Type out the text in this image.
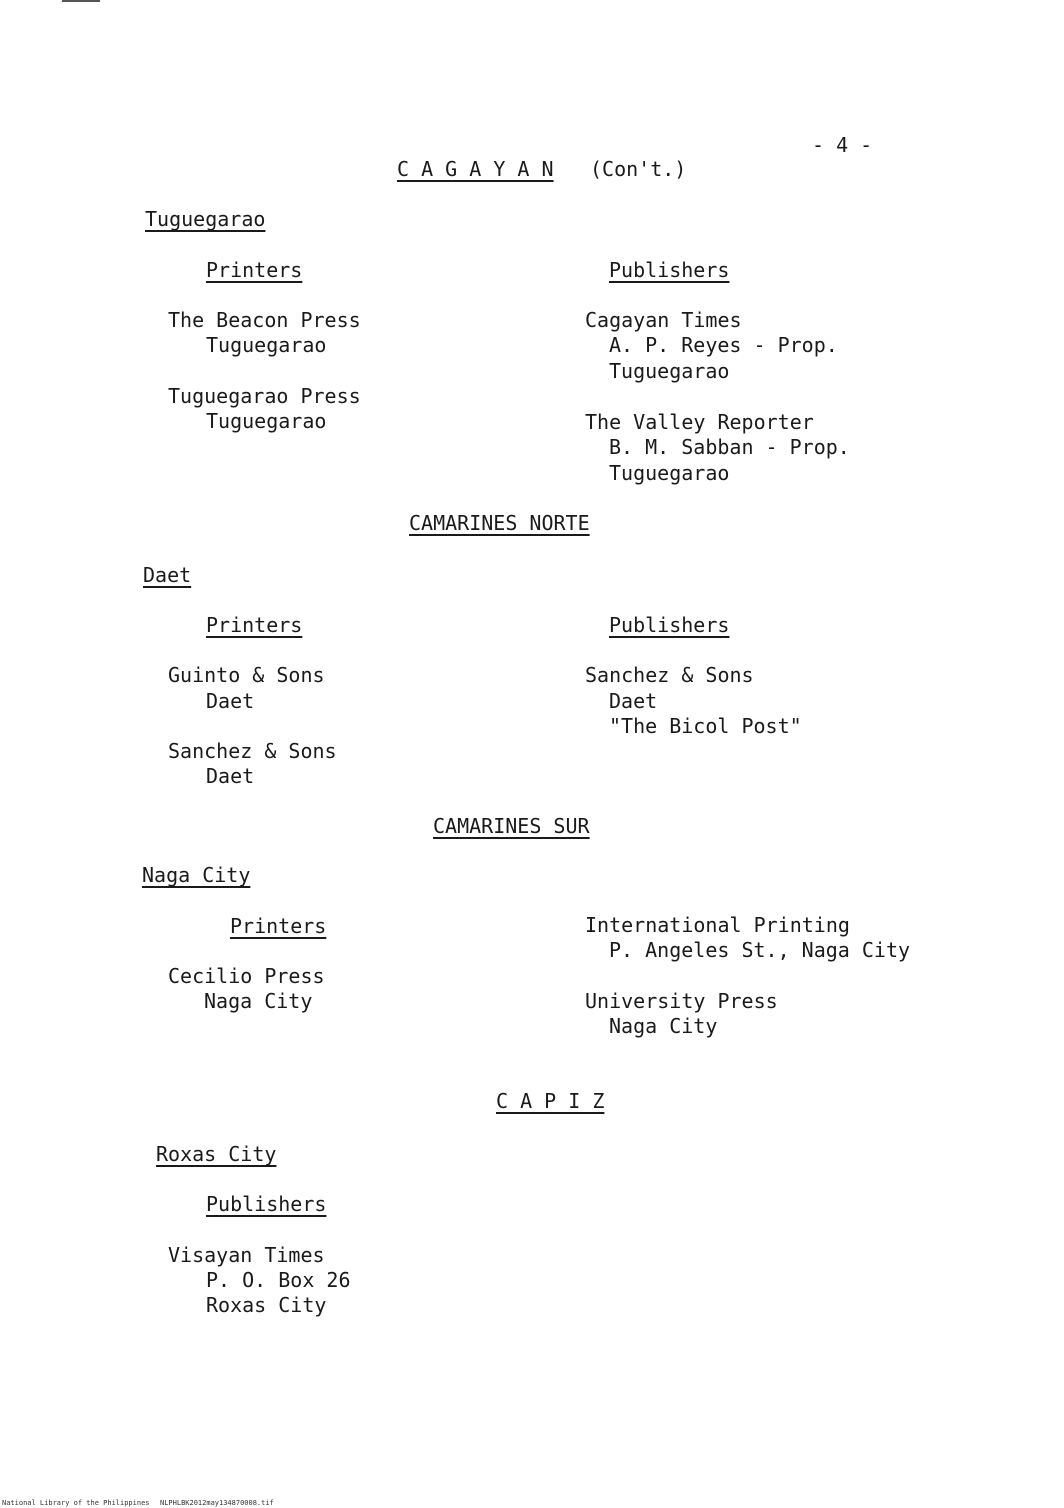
- 4 -
C A G A Y A N (Con't.)
Tuguegarao
Printers	Publishers
The Beacon Press
Tuguegarao
Tuguegarao Press
Tuguegarao
Cagayan Times
A. P. Reyes - Prop.
Tuguegarao
The Valley Reporter
B. M. Sabban - Prop.
Tuguegarao
CAMARINES NORTE
Daet
Printers	Publishers
Guinto & Sons
Daet
Sanchez & Sons
Daet
Sanchez & Sons
Daet
"The Bicol Post"
CAMARINES SUR
Naga City
Printers
Cecilio Press
Naga City
International Printing
P. Angeles St., Naga City
University Press
Naga City
C A P I Z
Roxas City
Publishers
Visayan Times
P. O. Box 26
Roxas City
National Library of the Philippines NLPHLBK2012may134870008.tif
